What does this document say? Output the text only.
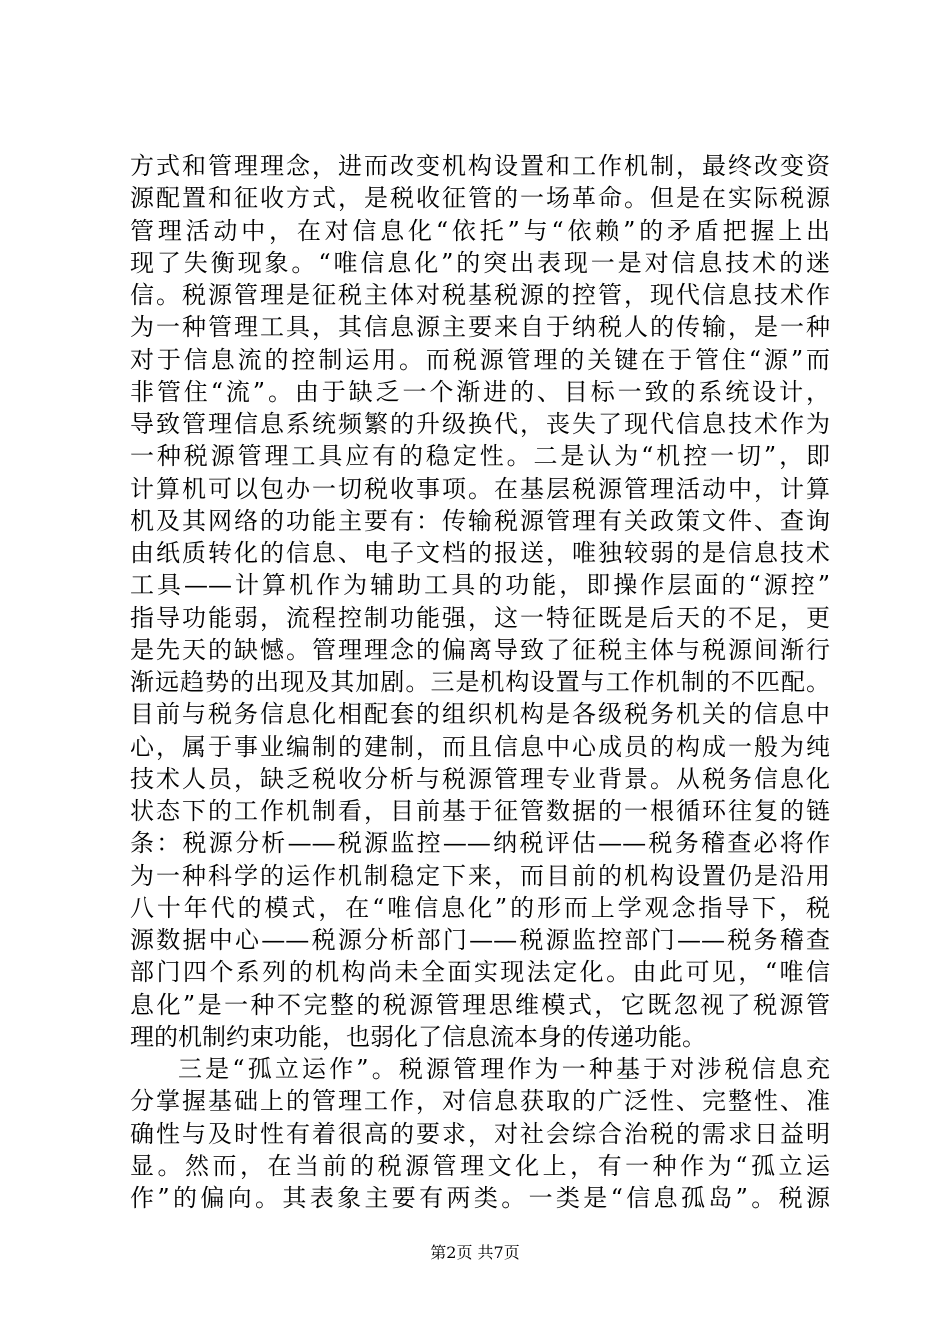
方式和管理理念，进而改变机构设置和工作机制，最终改变资
源配置和征收方式，是税收征管的一场革命。但是在实际税源
管理活动中，在对信息化“依托”与“依赖”的矛盾把握上出
现了失衡现象。“唯信息化”的突出表现一是对信息技术的迷
信。税源管理是征税主体对税基税源的控管，现代信息技术作
为一种管理工具，其信息源主要来自于纳税人的传输，是一种
对于信息流的控制运用。而税源管理的关键在于管住“源”而
非管住“流”。由于缺乏一个渐进的、目标一致的系统设计，
导致管理信息系统频繁的升级换代，丧失了现代信息技术作为
一种税源管理工具应有的稳定性。二是认为“机控一切”，即
计算机可以包办一切税收事项。在基层税源管理活动中，计算
机及其网络的功能主要有：传输税源管理有关政策文件、查询
由纸质转化的信息、电子文档的报送，唯独较弱的是信息技术
工具——计算机作为辅助工具的功能，即操作层面的“源控”
指导功能弱，流程控制功能强，这一特征既是后天的不足，更
是先天的缺憾。管理理念的偏离导致了征税主体与税源间渐行
渐远趋势的出现及其加剧。三是机构设置与工作机制的不匹配。
目前与税务信息化相配套的组织机构是各级税务机关的信息中
心，属于事业编制的建制，而且信息中心成员的构成一般为纯
技术人员，缺乏税收分析与税源管理专业背景。从税务信息化
状态下的工作机制看，目前基于征管数据的一根循环往复的链
条：税源分析——税源监控——纳税评估——税务稽查必将作
为一种科学的运作机制稳定下来，而目前的机构设置仍是沿用
八十年代的模式，在“唯信息化”的形而上学观念指导下，税
源数据中心——税源分析部门——税源监控部门——税务稽查
部门四个系列的机构尚未全面实现法定化。由此可见，“唯信
息化”是一种不完整的税源管理思维模式，它既忽视了税源管
理的机制约束功能，也弱化了信息流本身的传递功能。
三是“孤立运作”。税源管理作为一种基于对涉税信息充
分掌握基础上的管理工作，对信息获取的广泛性、完整性、准
确性与及时性有着很高的要求，对社会综合治税的需求日益明
显。然而，在当前的税源管理文化上，有一种作为“孤立运
作”的偏向。其表象主要有两类。一类是“信息孤岛”。税源
第2页 共7页
